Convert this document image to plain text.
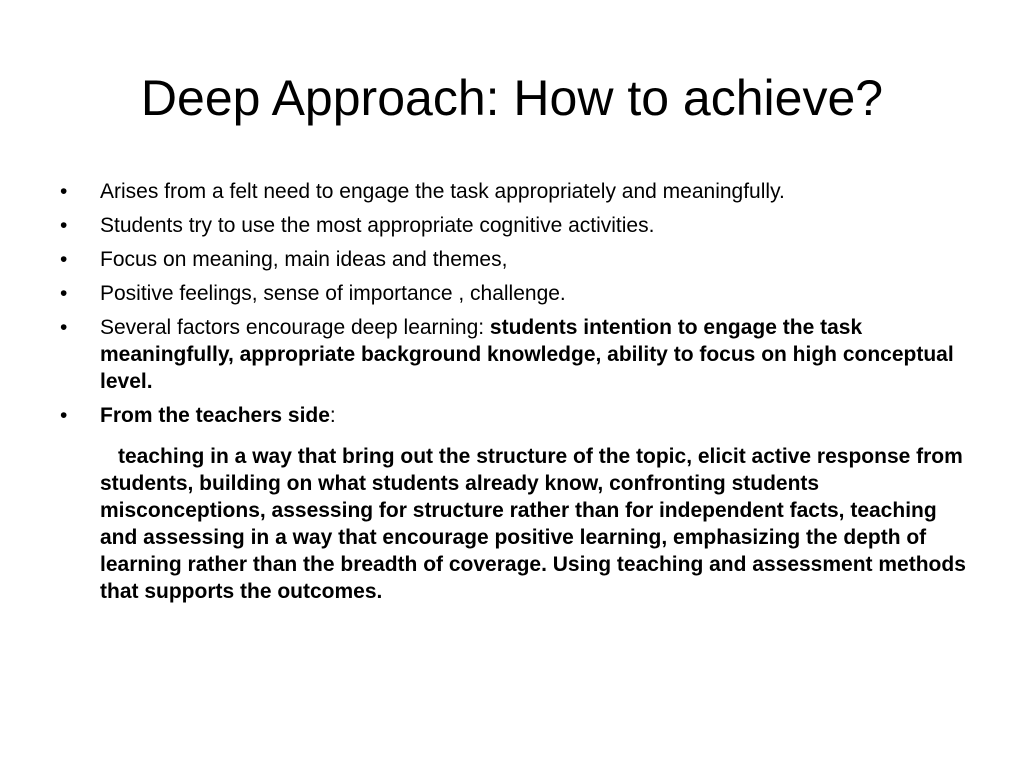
Deep Approach: How to achieve?
•	Arises from a felt need to engage the task appropriately and meaningfully.
•	Students try to use the most appropriate cognitive activities.
•	Focus on meaning, main ideas and themes,
•	Positive feelings, sense of importance , challenge.
•	Several factors encourage deep learning: students intention to engage the task meaningfully, appropriate background knowledge, ability to focus on high conceptual level.
•	From the teachers side:

teaching in a way that bring out the structure of the topic, elicit active response from students, building on what students already know, confronting students misconceptions, assessing for structure rather than for independent facts, teaching and assessing in a way that encourage positive learning, emphasizing the depth of learning rather than the breadth of coverage. Using teaching and assessment methods that supports the outcomes.
